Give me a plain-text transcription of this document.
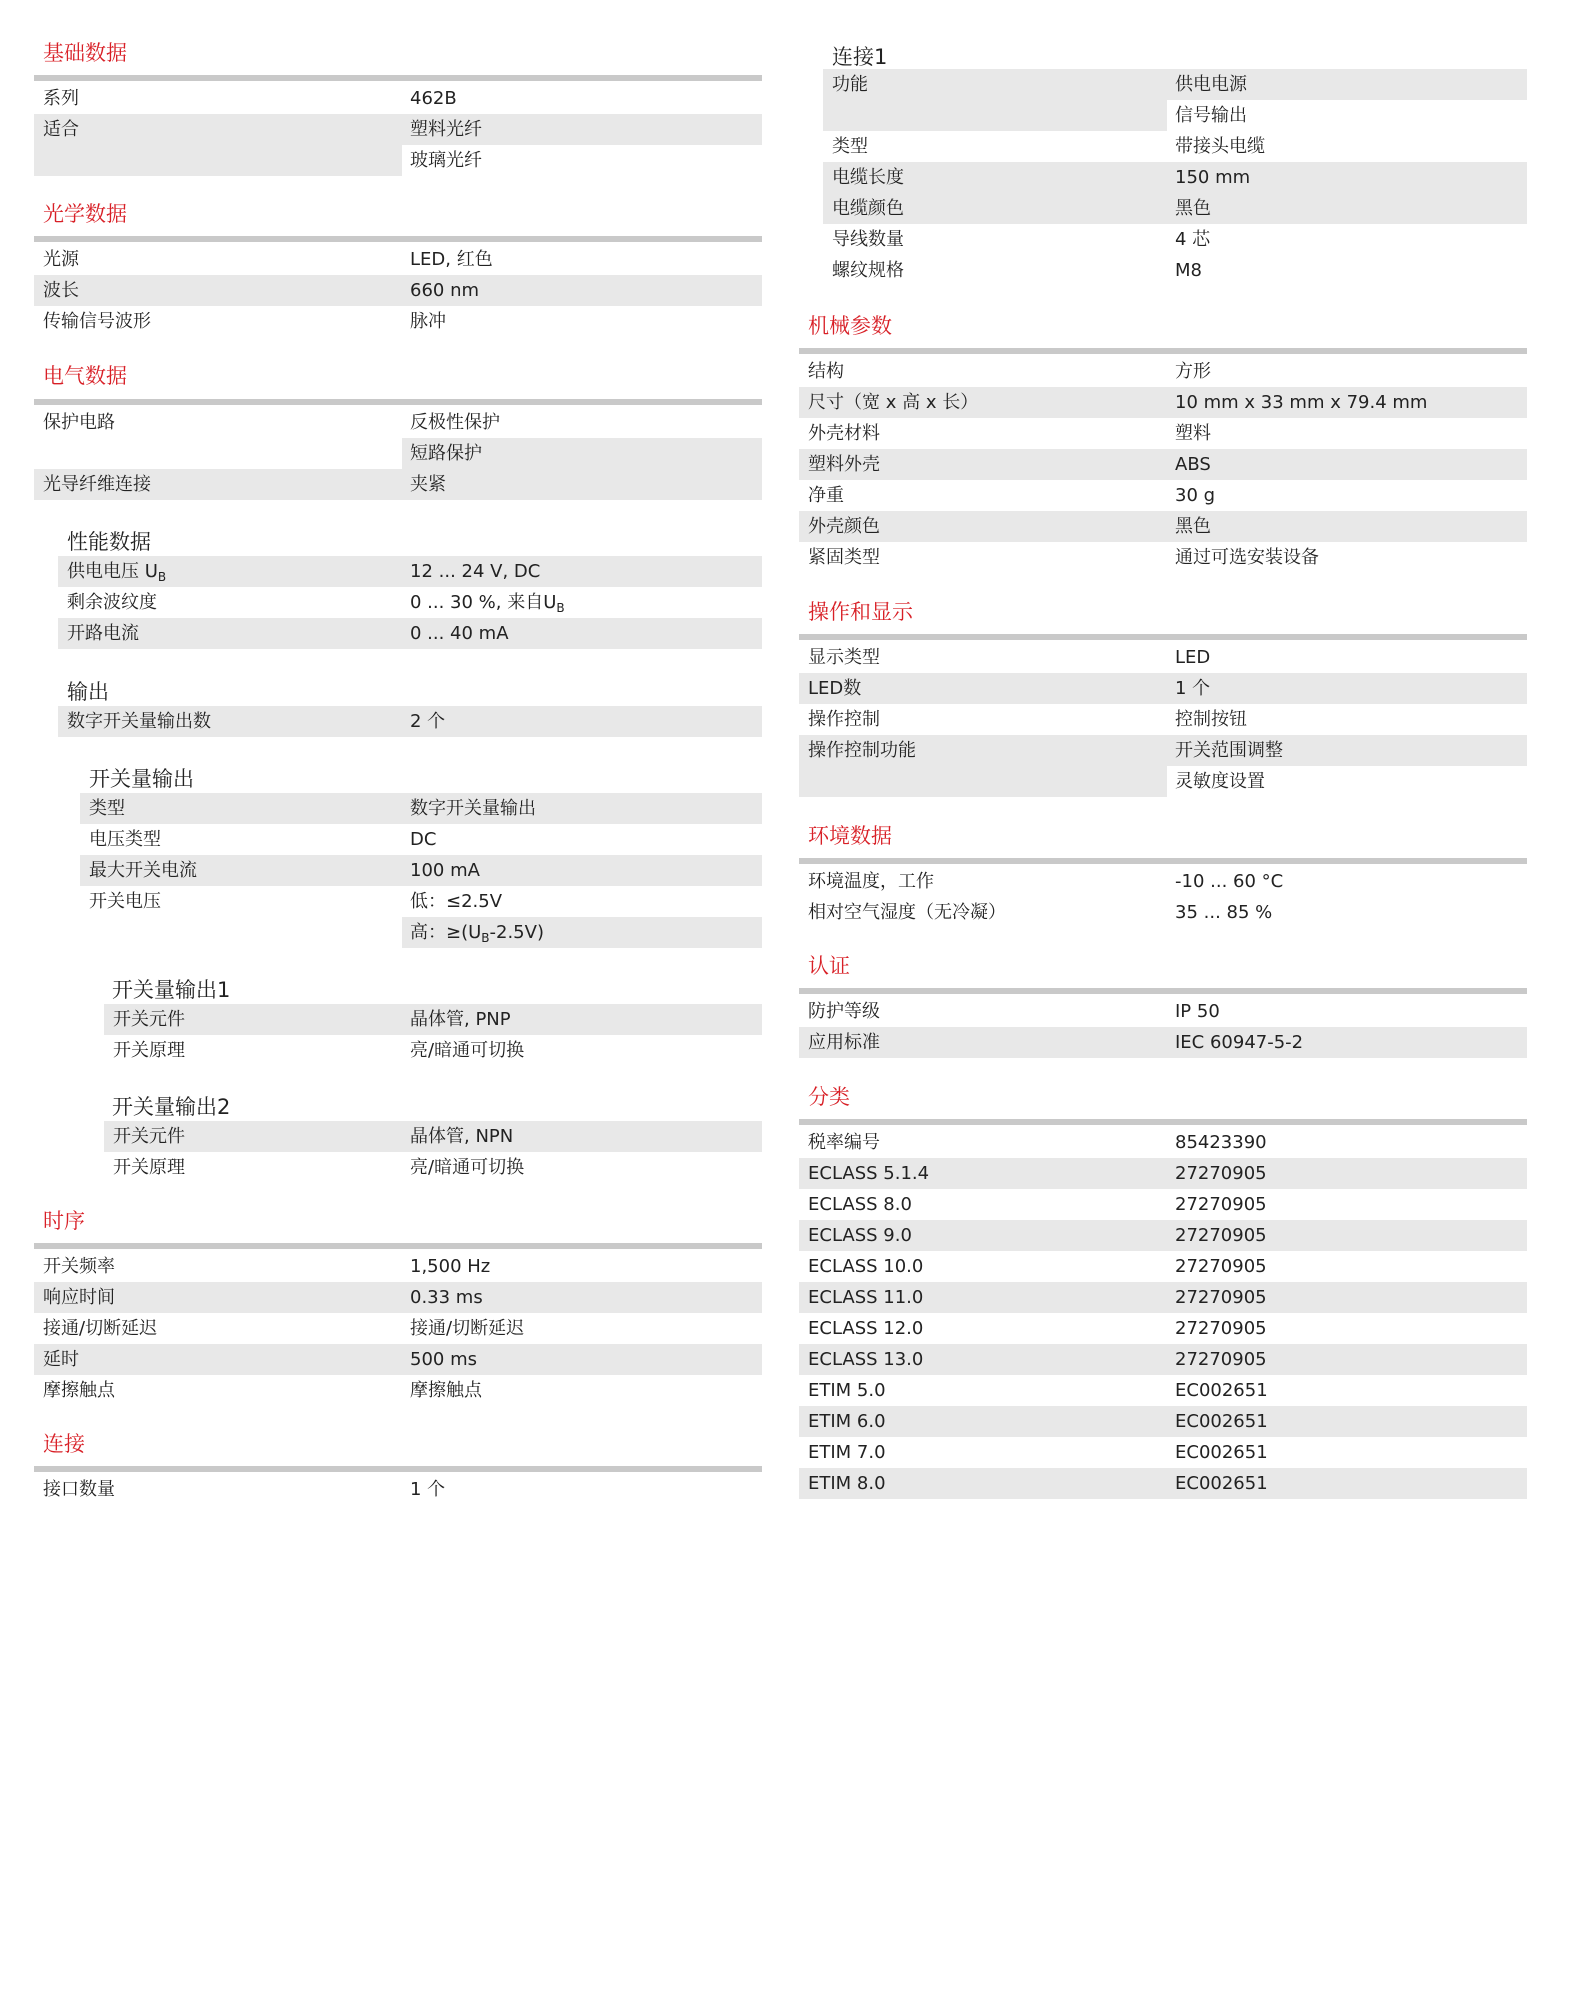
基础数据
系列	462B
适合	塑料光纤
玻璃光纤
光学数据
光源	LED, 红色
波长	660 nm
传输信号波形	脉冲
电气数据
保护电路	反极性保护
短路保护
光导纤维连接	夹紧
性能数据
供电电压 $U_B$	12 ... 24 V, DC
剩余波纹度	0 ... 30 %, 来自$U_B$
开路电流	0 ... 40 mA
输出
数字开关量输出数	2 个
开关量输出
类型	数字开关量输出
电压类型	DC
最大开关电流	100 mA
开关电压	低：≤2.5V
高：$\ge(U_B-2.5V)$
开关量输出1
开关元件	晶体管, PNP
开关原理	亮/暗通可切换
开关量输出2
开关元件	晶体管, NPN
开关原理	亮/暗通可切换
时序
开关频率	1,500 Hz
响应时间	0.33 ms
接通/切断延迟	接通/切断延迟
延时	500 ms
摩擦触点	摩擦触点
连接
接口数量	1 个
连接1
功能	供电电源
信号输出
类型	带接头电缆
电缆长度	150 mm
电缆颜色	黑色
导线数量	4 芯
螺纹规格	M8
机械参数
结构	方形
尺寸（宽 x 高 x 长）	10 mm x 33 mm x 79.4 mm
外壳材料	塑料
塑料外壳	ABS
净重	30 g
外壳颜色	黑色
紧固类型	通过可选安装设备
操作和显示
显示类型	LED
LED数	1 个
操作控制	控制按钮
操作控制功能	开关范围调整
灵敏度设置
环境数据
环境温度，工作	-10 ... 60 °C
相对空气湿度（无冷凝）	35 ... 85 %
认证
防护等级	IP 50
应用标准	IEC 60947-5-2
分类
税率编号	85423390
ECLASS 5.1.4	27270905
ECLASS 8.0	27270905
ECLASS 9.0	27270905
ECLASS 10.0	27270905
ECLASS 11.0	27270905
ECLASS 12.0	27270905
ECLASS 13.0	27270905
ETIM 5.0	EC002651
ETIM 6.0	EC002651
ETIM 7.0	EC002651
ETIM 8.0	EC002651
